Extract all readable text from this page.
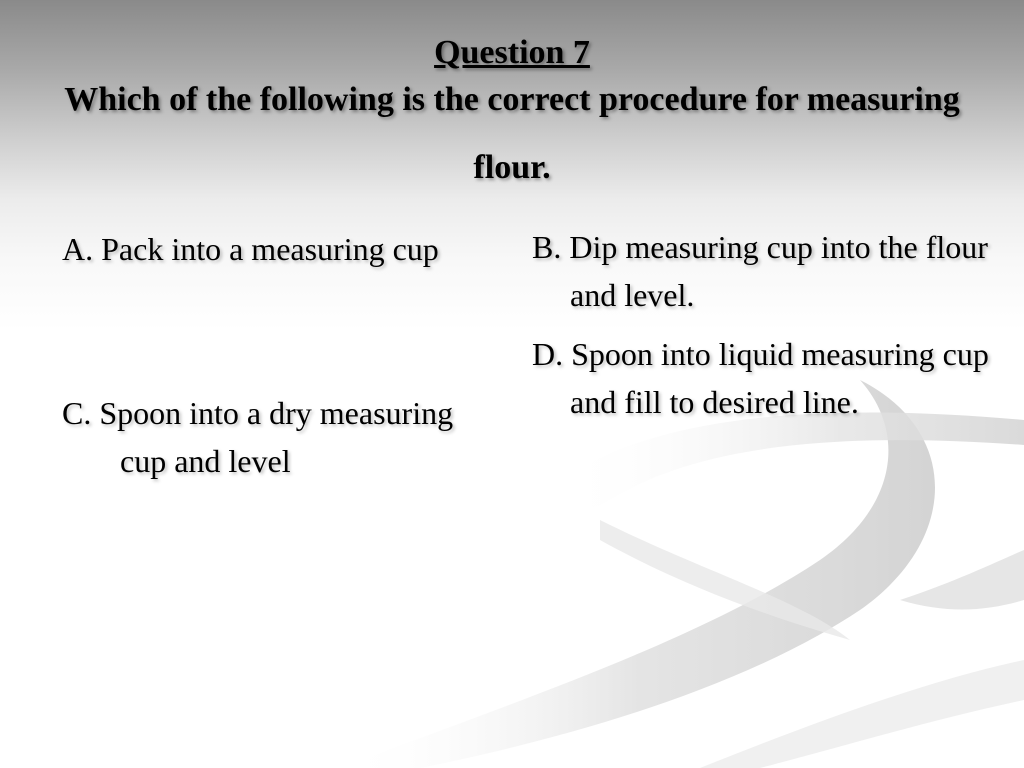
Question 7
Which of the following is the correct procedure for measuring flour.
A. Pack into a measuring cup	B. Dip measuring cup into the flour and level.
C. Spoon into a dry measuring cup and level
D. Spoon into liquid measuring cup and fill to desired line.
